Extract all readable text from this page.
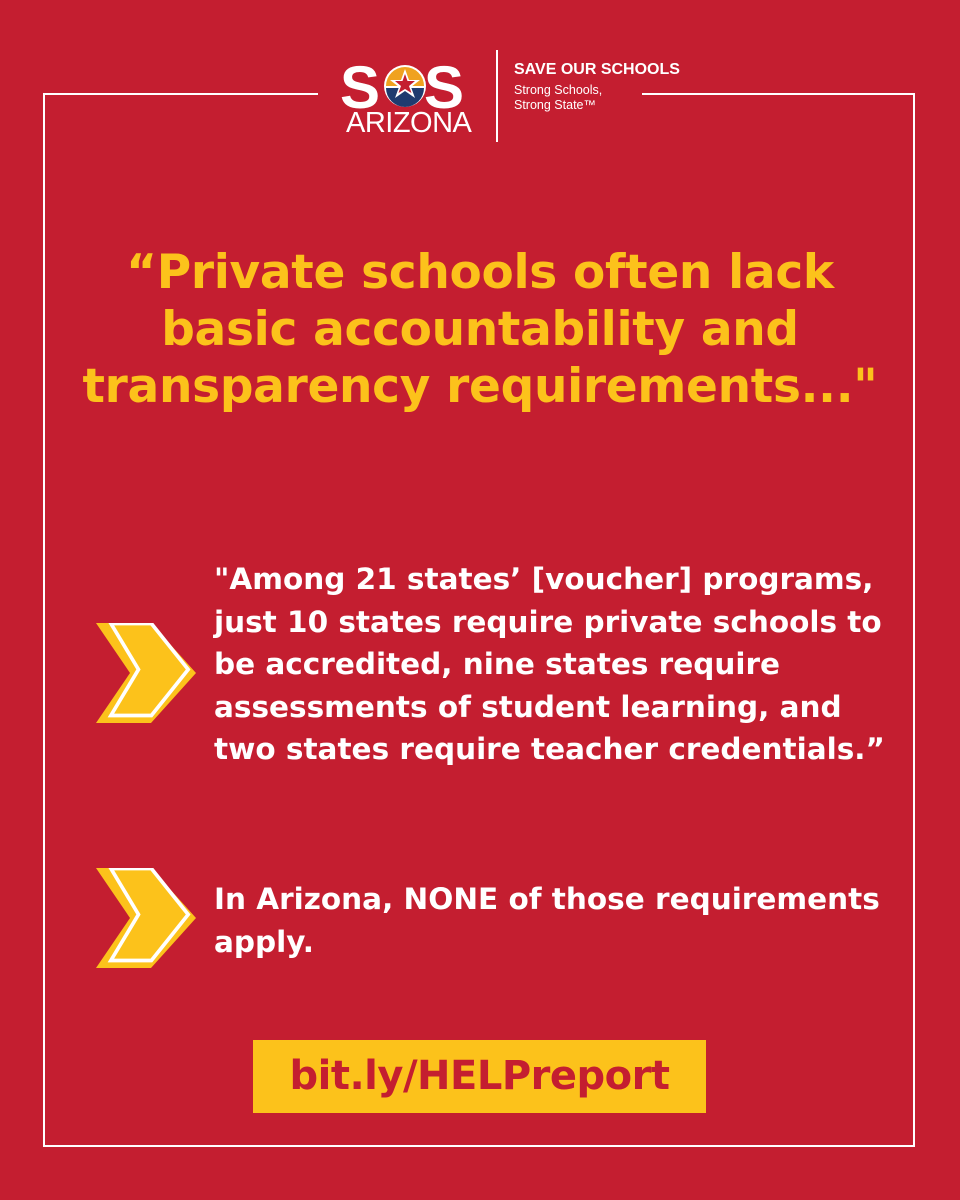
S S
ARIZONA
SAVE OUR SCHOOLS
Strong Schools, Strong State™
“Private schools often lack basic accountability and transparency requirements..."

"Among 21 states’ [voucher] programs, just 10 states require private schools to be accredited, nine states require assessments of student learning, and two states require teacher credentials.”

In Arizona, NONE of those requirements apply.

bit.ly/HELPreport
